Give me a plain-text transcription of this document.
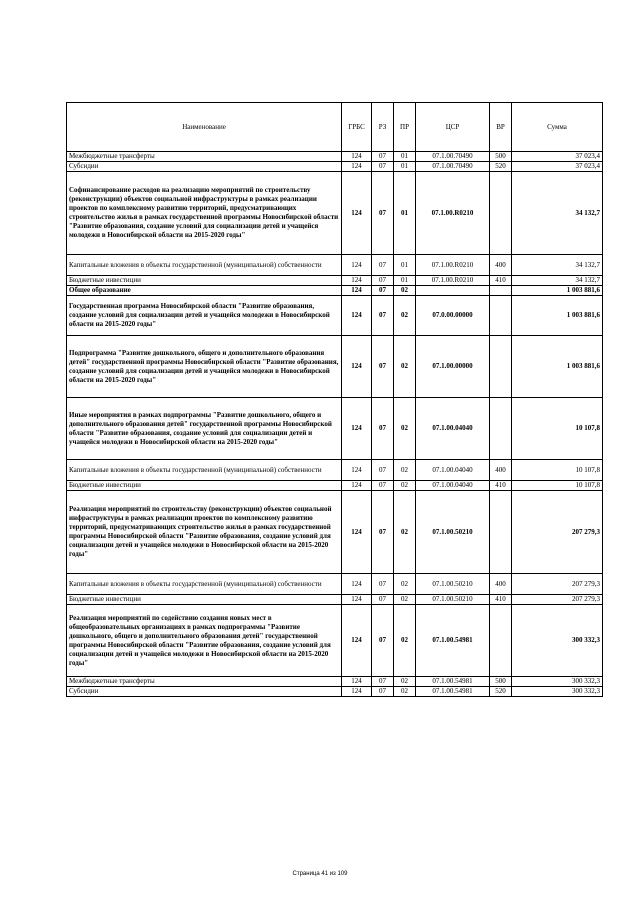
Наименование	ГРБС	РЗ	ПР	ЦСР	ВР	Сумма
Межбюджетные трансферты	124	07	01	07.1.00.70490	500	37 023,4
Субсидии	124	07	01	07.1.00.70490	520	37 023,4
Софинансирование расходов на реализацию мероприятий по строительству (реконструкции) объектов социальной инфраструктуры в рамках реализации проектов по комплексному развитию территорий, предусматривающих строительство жилья в рамках государственной программы Новосибирской области "Развитие образования, создание условий для социализации детей и учащейся молодежи в Новосибирской области на 2015-2020 годы"	124	07	01	07.1.00.R0210		34 132,7
Капитальные вложения в объекты государственной (муниципальной) собственности	124	07	01	07.1.00.R0210	400	34 132,7
Бюджетные инвестиции	124	07	01	07.1.00.R0210	410	34 132,7
Общее образование	124	07	02			1 003 881,6
Государственная программа Новосибирской области "Развитие образования, создание условий для социализации детей и учащейся молодежи в Новосибирской области на 2015-2020 годы"	124	07	02	07.0.00.00000		1 003 881,6
Подпрограмма "Развитие дошкольного, общего и дополнительного образования детей" государственной программы Новосибирской области "Развитие образования, создание условий для социализации детей и учащейся молодежи в Новосибирской области на 2015-2020 годы"	124	07	02	07.1.00.00000		1 003 881,6
Иные мероприятия в рамках подпрограммы "Развитие дошкольного, общего и дополнительного образования детей" государственной программы Новосибирской области "Развитие образования, создание условий для социализации детей и учащейся молодежи в Новосибирской области на 2015-2020 годы"	124	07	02	07.1.00.04040		10 107,8
Капитальные вложения в объекты государственной (муниципальной) собственности	124	07	02	07.1.00.04040	400	10 107,8
Бюджетные инвестиции	124	07	02	07.1.00.04040	410	10 107,8
Реализация мероприятий по строительству (реконструкции) объектов социальной инфраструктуры в рамках реализации проектов по комплексному развитию территорий, предусматривающих строительство жилья в рамках государственной программы Новосибирской области "Развитие образования, создание условий для социализации детей и учащейся молодежи в Новосибирской области на 2015-2020 годы"	124	07	02	07.1.00.50210		207 279,3
Капитальные вложения в объекты государственной (муниципальной) собственности	124	07	02	07.1.00.50210	400	207 279,3
Бюджетные инвестиции	124	07	02	07.1.00.50210	410	207 279,3
Реализация мероприятий по содействию создания новых мест в общеобразовательных организациях в рамках подпрограммы "Развитие дошкольного, общего и дополнительного образования детей" государственной программы Новосибирской области "Развитие образования, создание условий для социализации детей и учащейся молодежи в Новосибирской области на 2015-2020 годы"	124	07	02	07.1.00.54981		300 332,3
Межбюджетные трансферты	124	07	02	07.1.00.54981	500	300 332,3
Субсидии	124	07	02	07.1.00.54981	520	300 332,3
Страница 41 из 109
